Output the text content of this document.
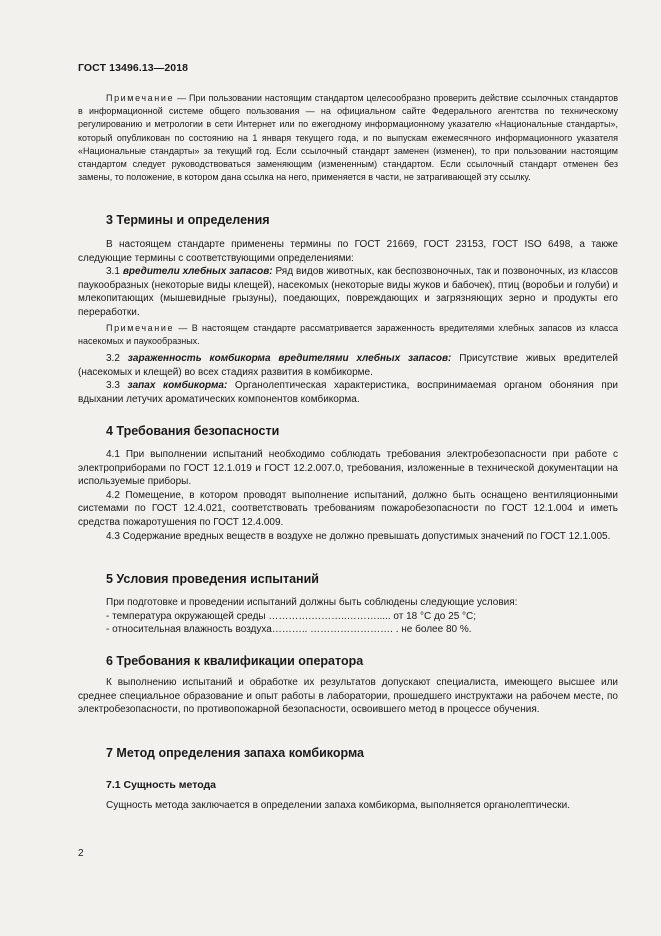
ГОСТ 13496.13—2018

Примечание — При пользовании настоящим стандартом целесообразно проверить действие ссылочных стандартов в информационной системе общего пользования — на официальном сайте Федерального агентства по техническому регулированию и метрологии в сети Интернет или по ежегодному информационному указателю «Национальные стандарты», который опубликован по состоянию на 1 января текущего года, и по выпускам ежемесячного информационного указателя «Национальные стандарты» за текущий год. Если ссылочный стандарт заменен (изменен), то при пользовании настоящим стандартом следует руководствоваться заменяющим (измененным) стандартом. Если ссылочный стандарт отменен без замены, то положение, в котором дана ссылка на него, применяется в части, не затрагивающей эту ссылку.

3 Термины и определения

В настоящем стандарте применены термины по ГОСТ 21669, ГОСТ 23153, ГОСТ ISO 6498, а также следующие термины с соответствующими определениями:

3.1 вредители хлебных запасов: Ряд видов животных, как беспозвоночных, так и позвоночных, из классов паукообразных (некоторые виды клещей), насекомых (некоторые виды жуков и бабочек), птиц (воробьи и голуби) и млекопитающих (мышевидные грызуны), поедающих, повреждающих и загрязняющих зерно и продукты его переработки.

Примечание — В настоящем стандарте рассматривается зараженность вредителями хлебных запасов из класса насекомых и паукообразных.

3.2 зараженность комбикорма вредителями хлебных запасов: Присутствие живых вредителей (насекомых и клещей) во всех стадиях развития в комбикорме.

3.3 запах комбикорма: Органолептическая характеристика, воспринимаемая органом обоняния при вдыхании летучих ароматических компонентов комбикорма.

4 Требования безопасности

4.1 При выполнении испытаний необходимо соблюдать требования электробезопасности при работе с электроприборами по ГОСТ 12.1.019 и ГОСТ 12.2.007.0, требования, изложенные в технической документации на используемые приборы.

4.2 Помещение, в котором проводят выполнение испытаний, должно быть оснащено вентиляционными системами по ГОСТ 12.4.021, соответствовать требованиям пожаробезопасности по ГОСТ 12.1.004 и иметь средства пожаротушения по ГОСТ 12.4.009.

4.3 Содержание вредных веществ в воздухе не должно превышать допустимых значений по ГОСТ 12.1.005.

5 Условия проведения испытаний

При подготовке и проведении испытаний должны быть соблюдены следующие условия:

- температура окружающей среды ………….………..………..... от 18 °С до 25 °С;

- относительная влажность воздуха……….. ……………………. . не более 80 %.

6 Требования к квалификации оператора

К выполнению испытаний и обработке их результатов допускают специалиста, имеющего высшее или среднее специальное образование и опыт работы в лаборатории, прошедшего инструктажи на рабочем месте, по электробезопасности, по противопожарной безопасности, освоившего метод в процессе обучения.

7 Метод определения запаха комбикорма
7.1 Сущность метода

Сущность метода заключается в определении запаха комбикорма, выполняется органолептически.

2
